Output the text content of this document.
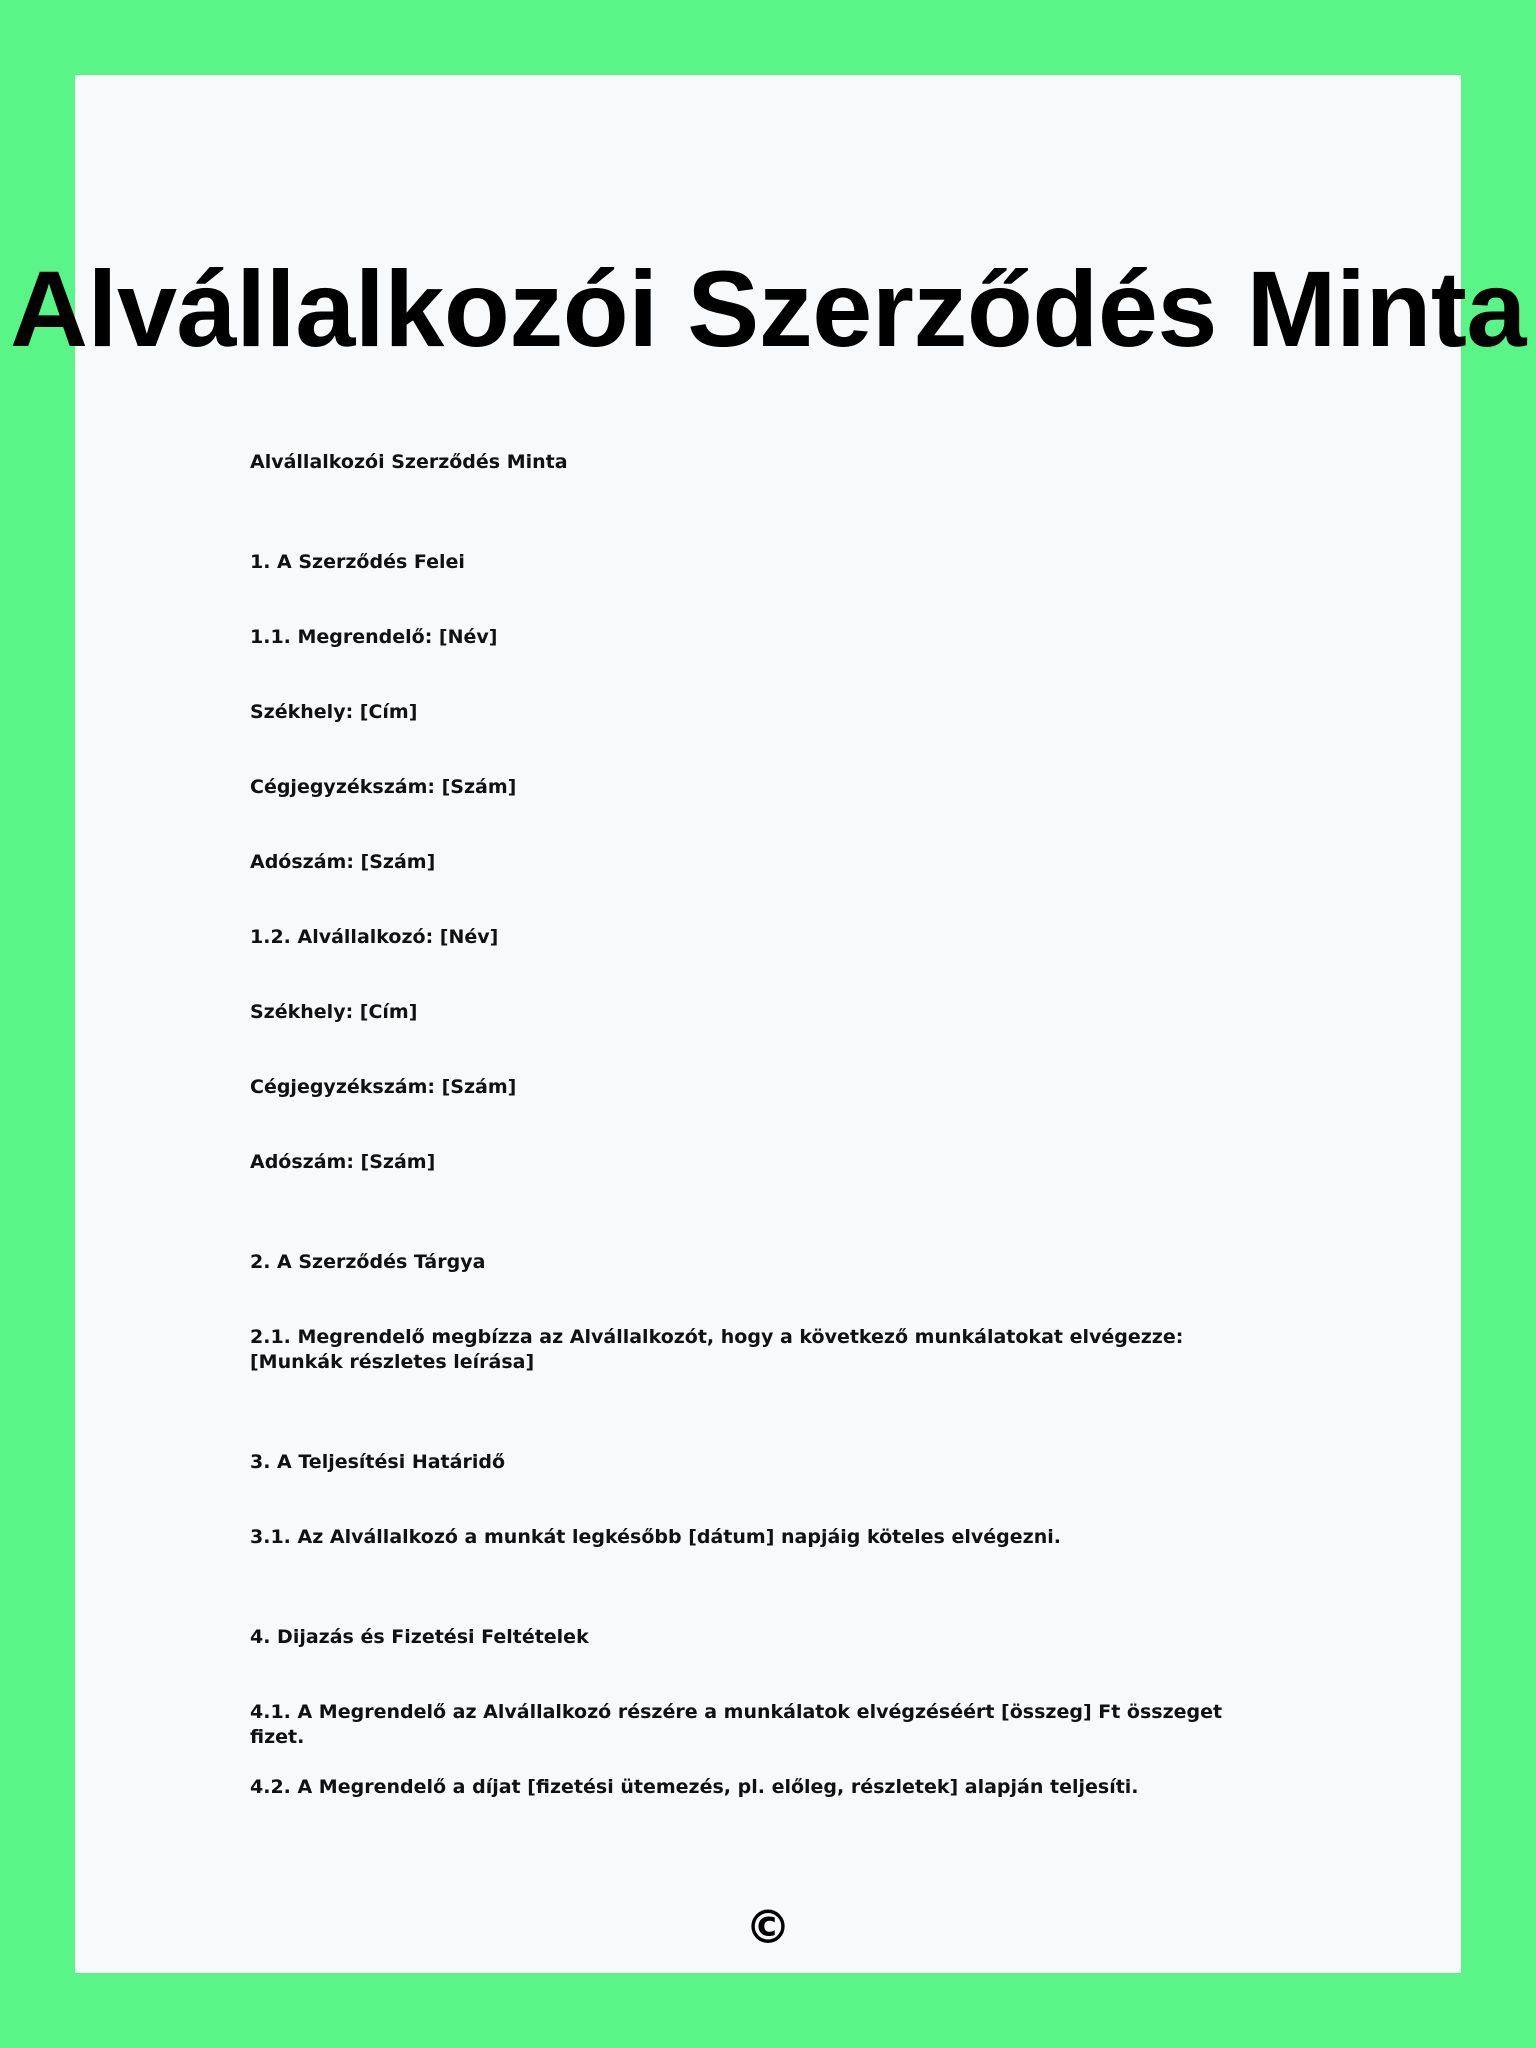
Alvállalkozói Szerződés Minta

Alvállalkozói Szerződés Minta

1. A Szerződés Felei

1.1. Megrendelő: [Név]

Székhely: [Cím]

Cégjegyzékszám: [Szám]

Adószám: [Szám]

1.2. Alvállalkozó: [Név]

Székhely: [Cím]

Cégjegyzékszám: [Szám]

Adószám: [Szám]

2. A Szerződés Tárgya

2.1. Megrendelő megbízza az Alvállalkozót, hogy a következő munkálatokat elvégezze: [Munkák részletes leírása]

3. A Teljesítési Határidő

3.1. Az Alvállalkozó a munkát legkésőbb [dátum] napjáig köteles elvégezni.

4. Dijazás és Fizetési Feltételek

4.1. A Megrendelő az Alvállalkozó részére a munkálatok elvégzéséért [összeg] Ft összeget fizet.

4.2. A Megrendelő a díjat [fizetési ütemezés, pl. előleg, részletek] alapján teljesíti.

©
